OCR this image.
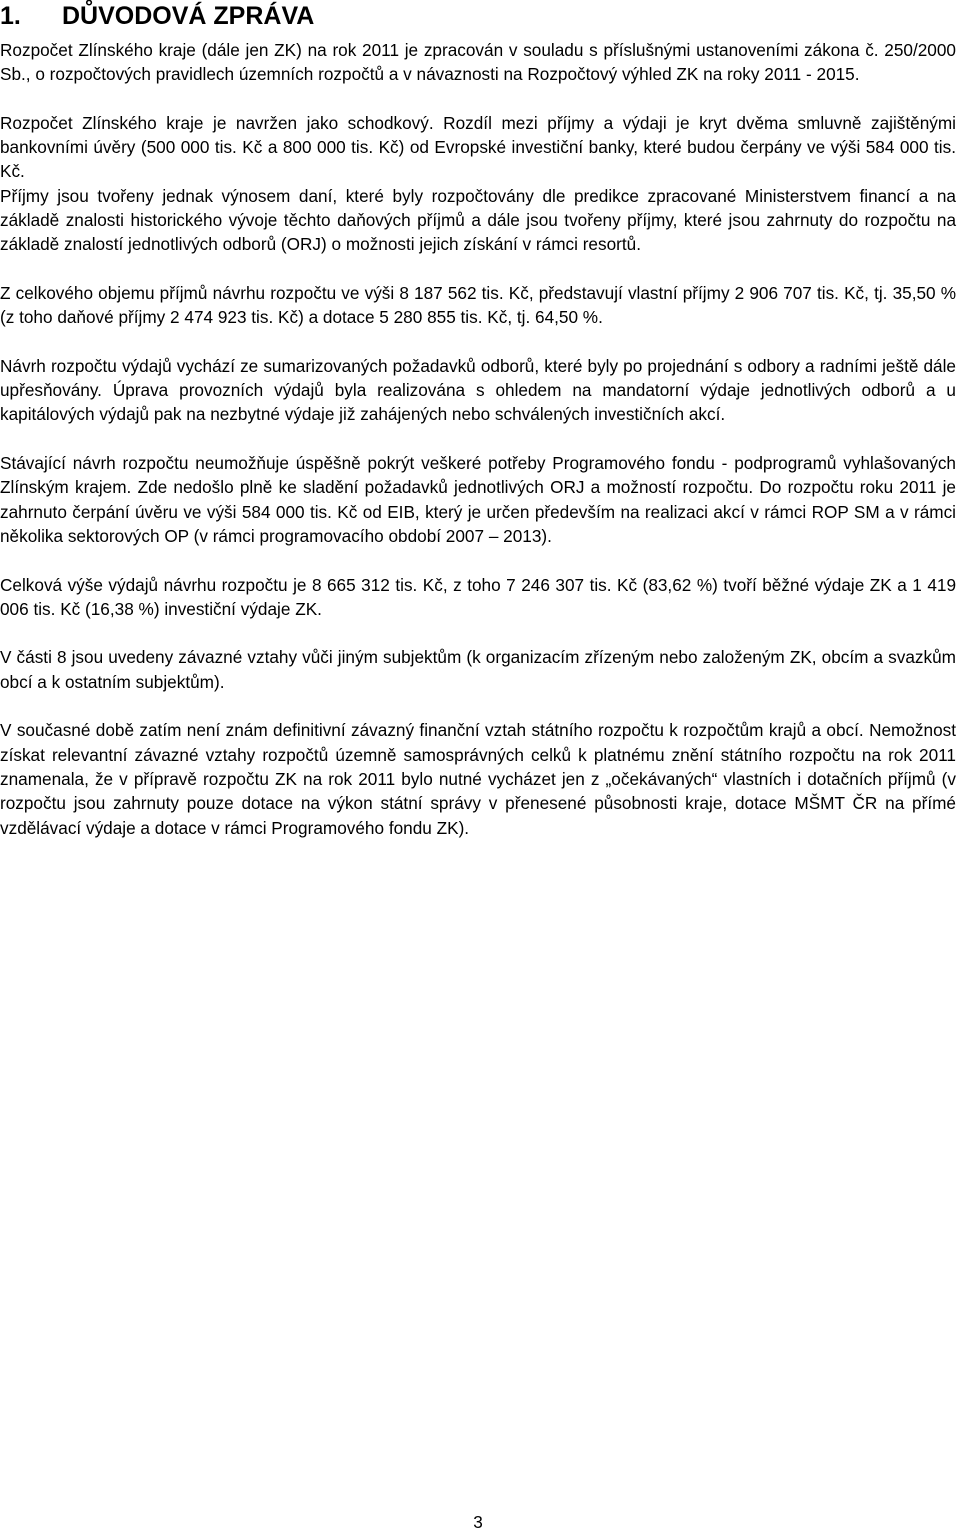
1. DŮVODOVÁ ZPRÁVA

Rozpočet Zlínského kraje (dále jen ZK) na rok 2011 je zpracován v souladu s příslušnými ustanoveními zákona č. 250/2000 Sb., o rozpočtových pravidlech územních rozpočtů a v návaznosti na Rozpočtový výhled ZK na roky 2011 - 2015.

Rozpočet Zlínského kraje je navržen jako schodkový. Rozdíl mezi příjmy a výdaji je kryt dvěma smluvně zajištěnými bankovními úvěry (500 000 tis. Kč a 800 000 tis. Kč) od Evropské investiční banky, které budou čerpány ve výši 584 000 tis. Kč.

Příjmy jsou tvořeny jednak výnosem daní, které byly rozpočtovány dle predikce zpracované Ministerstvem financí a na základě znalosti historického vývoje těchto daňových příjmů a dále jsou tvořeny příjmy, které jsou zahrnuty do rozpočtu na základě znalostí jednotlivých odborů (ORJ) o možnosti jejich získání v rámci resortů.

Z celkového objemu příjmů návrhu rozpočtu ve výši 8 187 562 tis. Kč, představují vlastní příjmy 2 906 707 tis. Kč, tj. 35,50 % (z toho daňové příjmy 2 474 923 tis. Kč) a dotace 5 280 855 tis. Kč, tj. 64,50 %.

Návrh rozpočtu výdajů vychází ze sumarizovaných požadavků odborů, které byly po projednání s odbory a radními ještě dále upřesňovány. Úprava provozních výdajů byla realizována s ohledem na mandatorní výdaje jednotlivých odborů a u kapitálových výdajů pak na nezbytné výdaje již zahájených nebo schválených investičních akcí.

Stávající návrh rozpočtu neumožňuje úspěšně pokrýt veškeré potřeby Programového fondu - podprogramů vyhlašovaných Zlínským krajem. Zde nedošlo plně ke sladění požadavků jednotlivých ORJ a možností rozpočtu. Do rozpočtu roku 2011 je zahrnuto čerpání úvěru ve výši 584 000 tis. Kč od EIB, který je určen především na realizaci akcí v rámci ROP SM a v rámci několika sektorových OP (v rámci programovacího období 2007 – 2013).

Celková výše výdajů návrhu rozpočtu je 8 665 312 tis. Kč, z toho 7 246 307 tis. Kč (83,62 %) tvoří běžné výdaje ZK a 1 419 006 tis. Kč (16,38 %) investiční výdaje ZK.

V části 8 jsou uvedeny závazné vztahy vůči jiným subjektům (k organizacím zřízeným nebo založeným ZK, obcím a svazkům obcí a k ostatním subjektům).

V současné době zatím není znám definitivní závazný finanční vztah státního rozpočtu k rozpočtům krajů a obcí. Nemožnost získat relevantní závazné vztahy rozpočtů územně samosprávných celků k platnému znění státního rozpočtu na rok 2011 znamenala, že v přípravě rozpočtu ZK na rok 2011 bylo nutné vycházet jen z „očekávaných“ vlastních i dotačních příjmů (v rozpočtu jsou zahrnuty pouze dotace na výkon státní správy v přenesené působnosti kraje, dotace MŠMT ČR na přímé vzdělávací výdaje a dotace v rámci Programového fondu ZK).

3
